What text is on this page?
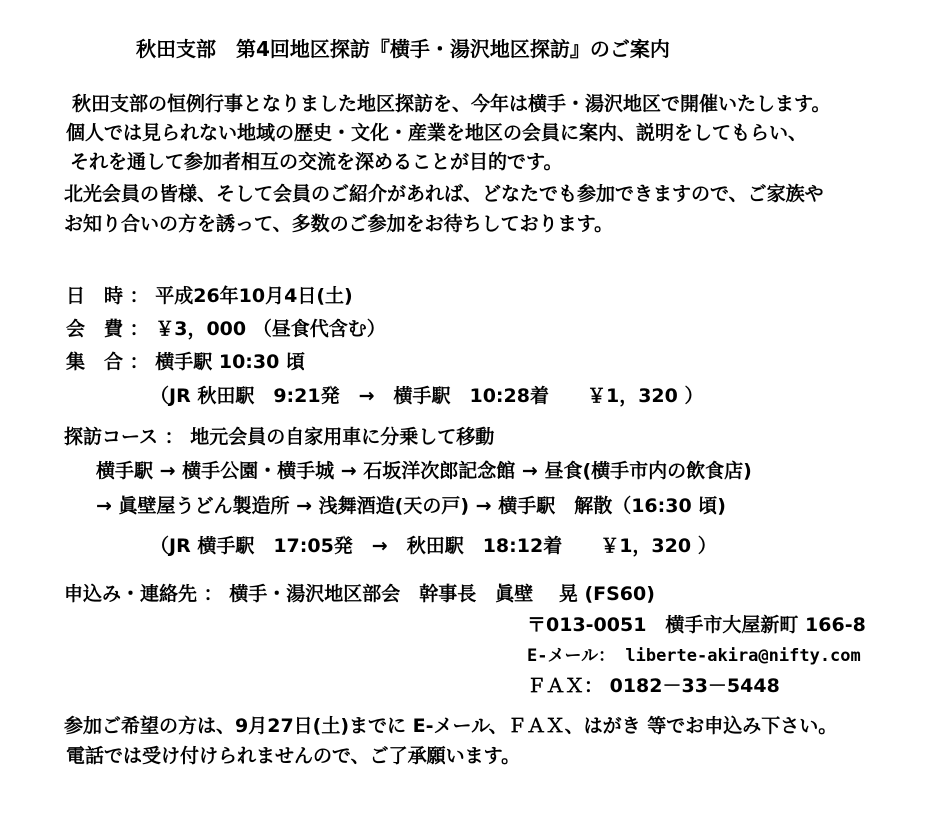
秋田支部　第4回地区探訪『横手・湯沢地区探訪』のご案内
秋田支部の恒例行事となりました地区探訪を、今年は横手・湯沢地区で開催いたします。
個人では見られない地域の歴史・文化・産業を地区の会員に案内、説明をしてもらい、
それを通して参加者相互の交流を深めることが目的です。
北光会員の皆様、そして会員のご紹介があれば、どなたでも参加できますので、ご家族や
お知り合いの方を誘って、多数のご参加をお待ちしております。
日　時 ： 平成26年10月4日(土)
会　費 ： ￥3，000 （昼食代含む）
集　合 ： 横手駅 10:30 頃
（JR 秋田駅　9:21発　→　横手駅　10:28着　　￥1，320 ）
探訪コース ： 地元会員の自家用車に分乗して移動
横手駅 → 横手公園・横手城 → 石坂洋次郎記念館 → 昼食(横手市内の飲食店)
→ 眞壁屋うどん製造所 → 浅舞酒造(天の戸) → 横手駅　解散（16:30 頃)
（JR 横手駅　17:05発　→　秋田駅　18:12着　　￥1，320 ）
申込み・連絡先 ： 横手・湯沢地区部会　幹事長　眞壁　 晃 (FS60)
〒013-0051　横手市大屋新町 166-8
E-メール： liberte-akira@nifty.com
ＦＡＸ： 0182－33－5448
参加ご希望の方は、9月27日(土)までに E-メール、ＦＡＸ、はがき 等でお申込み下さい。
電話では受け付けられませんので、ご了承願います。
